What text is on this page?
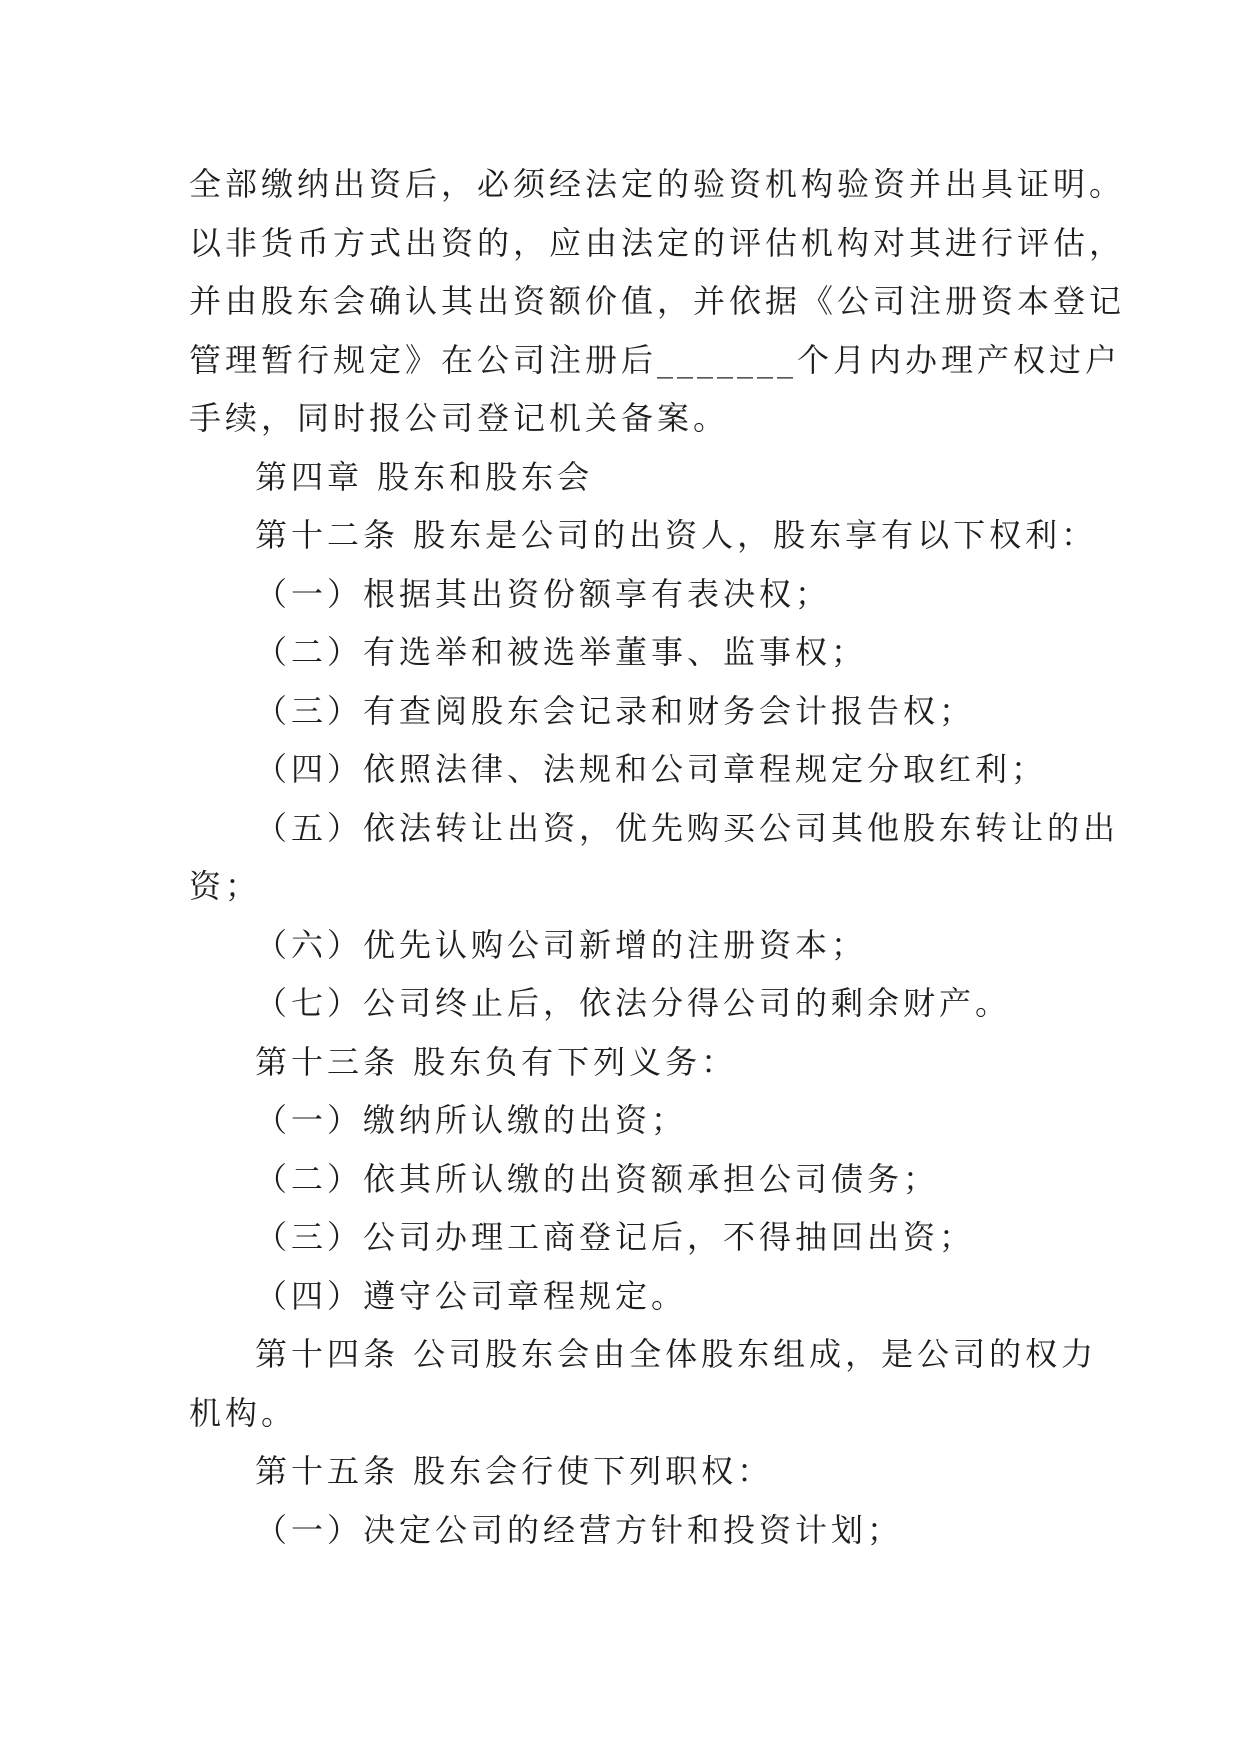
全部缴纳出资后，必须经法定的验资机构验资并出具证明。
以非货币方式出资的，应由法定的评估机构对其进行评估，
并由股东会确认其出资额价值，并依据《公司注册资本登记
管理暂行规定》在公司注册后_______个月内办理产权过户
手续，同时报公司登记机关备案。
第四章 股东和股东会
第十二条 股东是公司的出资人，股东享有以下权利：
（一）根据其出资份额享有表决权；
（二）有选举和被选举董事、监事权；
（三）有查阅股东会记录和财务会计报告权；
（四）依照法律、法规和公司章程规定分取红利；
（五）依法转让出资，优先购买公司其他股东转让的出
资；
（六）优先认购公司新增的注册资本；
（七）公司终止后，依法分得公司的剩余财产。
第十三条 股东负有下列义务：
（一）缴纳所认缴的出资；
（二）依其所认缴的出资额承担公司债务；
（三）公司办理工商登记后，不得抽回出资；
（四）遵守公司章程规定。
第十四条 公司股东会由全体股东组成，是公司的权力
机构。
第十五条 股东会行使下列职权：
（一）决定公司的经营方针和投资计划；
